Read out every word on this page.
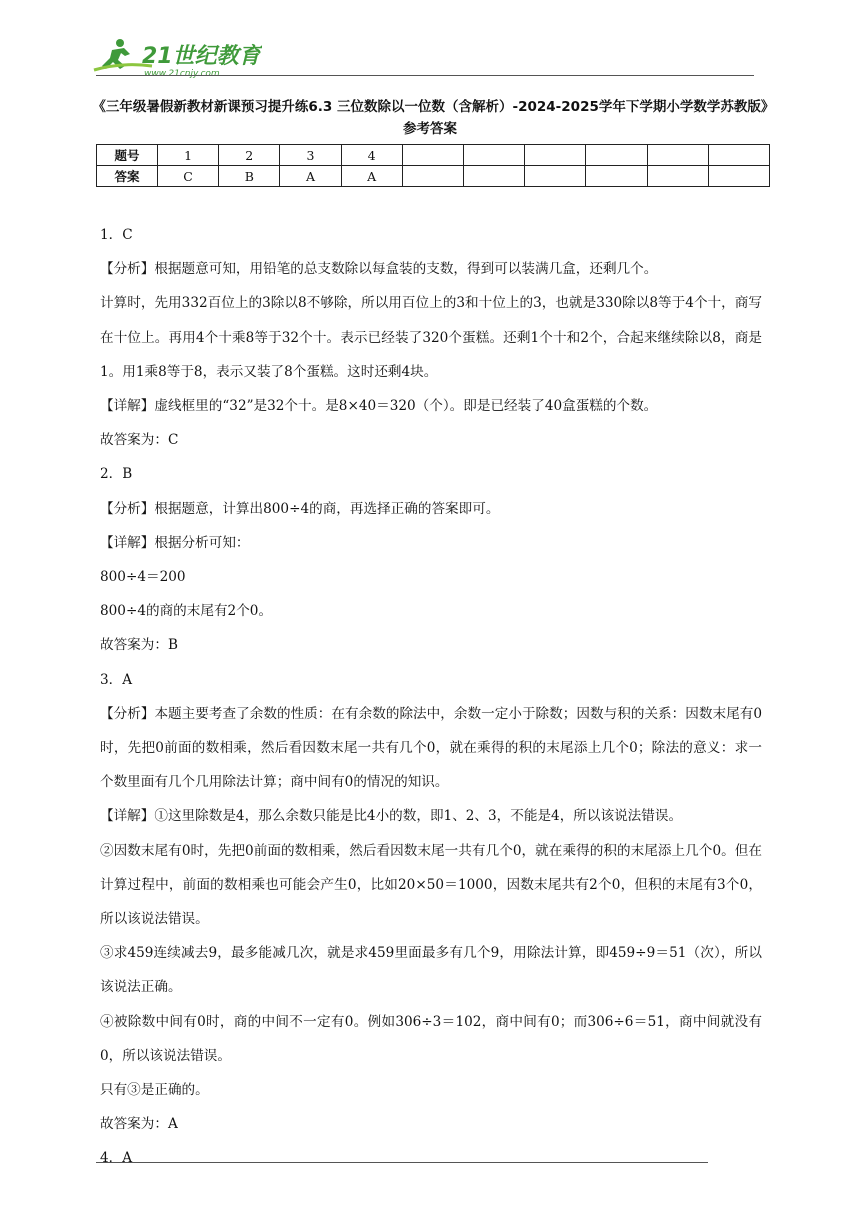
21世纪教育
www.21cnjy.com
《三年级暑假新教材新课预习提升练6.3 三位数除以一位数（含解析）-2024-2025学年下学期小学数学苏教版》参考答案
题号	1	2	3	4						
答案	C	B	A	A						

1．C

【分析】根据题意可知，用铅笔的总支数除以每盒装的支数，得到可以装满几盒，还剩几个。

计算时，先用332百位上的3除以8不够除，所以用百位上的3和十位上的3，也就是330除以8等于4个十，商写在十位上。再用4个十乘8等于32个十。表示已经装了320个蛋糕。还剩1个十和2个，合起来继续除以8，商是1。用1乘8等于8，表示又装了8个蛋糕。这时还剩4块。

【详解】虚线框里的“32”是32个十。是8×40＝320（个）。即是已经装了40盒蛋糕的个数。

故答案为：C

2．B

【分析】根据题意，计算出800÷4的商，再选择正确的答案即可。

【详解】根据分析可知：

800÷4＝200

800÷4的商的末尾有2个0。

故答案为：B

3．A

【分析】本题主要考查了余数的性质：在有余数的除法中，余数一定小于除数；因数与积的关系：因数末尾有0时，先把0前面的数相乘，然后看因数末尾一共有几个0，就在乘得的积的末尾添上几个0；除法的意义：求一个数里面有几个几用除法计算；商中间有0的情况的知识。

【详解】①这里除数是4，那么余数只能是比4小的数，即1、2、3，不能是4，所以该说法错误。

②因数末尾有0时，先把0前面的数相乘，然后看因数末尾一共有几个0，就在乘得的积的末尾添上几个0。但在计算过程中，前面的数相乘也可能会产生0，比如20×50＝1000，因数末尾共有2个0，但积的末尾有3个0，所以该说法错误。

③求459连续减去9，最多能减几次，就是求459里面最多有几个9，用除法计算，即459÷9＝51（次），所以该说法正确。

④被除数中间有0时，商的中间不一定有0。例如306÷3＝102，商中间有0；而306÷6＝51，商中间就没有0，所以该说法错误。

只有③是正确的。

故答案为：A

4．A
